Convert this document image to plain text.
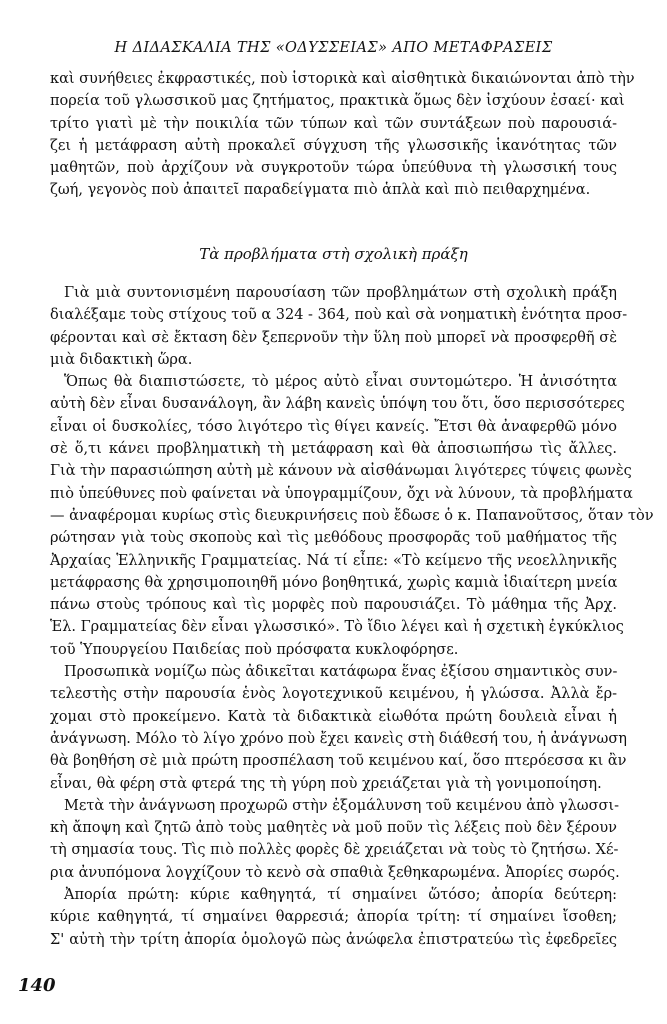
Η ΔΙΔΑΣΚΑΛΙΑ ΤΗΣ «ΟΔΥΣΣΕΙΑΣ» ΑΠΟ ΜΕΤΑΦΡΑΣΕΙΣ
καὶ συνήθειες ἐκφραστικές, ποὺ ἱστορικὰ καὶ αἰσθητικὰ δικαιώνονται ἀπὸ τὴν
πορεία τοῦ γλωσσικοῦ μας ζητήματος, πρακτικὰ ὅμως δὲν ἰσχύουν ἐσαεί· καὶ
τρίτο γιατὶ μὲ τὴν ποικιλία τῶν τύπων καὶ τῶν συντάξεων ποὺ παρουσιά-
ζει ἡ μετάφραση αὐτὴ προκαλεῖ σύγχυση τῆς γλωσσικῆς ἱκανότητας τῶν
μαθητῶν, ποὺ ἀρχίζουν νὰ συγκροτοῦν τώρα ὑπεύθυνα τὴ γλωσσική τους
ζωή, γεγονὸς ποὺ ἀπαιτεῖ παραδείγματα πιὸ ἁπλὰ καὶ πιὸ πειθαρχημένα.
Τὰ προβλήματα στὴ σχολικὴ πράξη
Γιὰ μιὰ συντονισμένη παρουσίαση τῶν προβλημάτων στὴ σχολικὴ πράξη
διαλέξαμε τοὺς στίχους τοῦ α 324 - 364, ποὺ καὶ σὰ νοηματικὴ ἑνότητα προσ-
φέρονται καὶ σὲ ἔκταση δὲν ξεπερνοῦν τὴν ὕλη ποὺ μπορεῖ νὰ προσφερθῆ σὲ
μιὰ διδακτικὴ ὥρα.
Ὅπως θὰ διαπιστώσετε, τὸ μέρος αὐτὸ εἶναι συντομώτερο. Ἡ ἀνισότητα
αὐτὴ δὲν εἶναι δυσανάλογη, ἂν λάβη κανεὶς ὑπόψη του ὅτι, ὅσο περισσότερες
εἶναι οἱ δυσκολίες, τόσο λιγότερο τὶς θίγει κανείς. Ἔτσι θὰ ἀναφερθῶ μόνο
σὲ ὅ,τι κάνει προβληματικὴ τὴ μετάφραση καὶ θὰ ἀποσιωπήσω τὶς ἄλλες.
Γιὰ τὴν παρασιώπηση αὐτὴ μὲ κάνουν νὰ αἰσθάνωμαι λιγότερες τύψεις φωνὲς
πιὸ ὑπεύθυνες ποὺ φαίνεται νὰ ὑπογραμμίζουν, ὄχι νὰ λύνουν, τὰ προβλήματα
— ἀναφέρομαι κυρίως στὶς διευκρινήσεις ποὺ ἔδωσε ὁ κ. Παπανοῦτσος, ὅταν τὸν
ρώτησαν γιὰ τοὺς σκοποὺς καὶ τὶς μεθόδους προσφορᾶς τοῦ μαθήματος τῆς
Ἀρχαίας Ἑλληνικῆς Γραμματείας. Νά τί εἶπε: «Τὸ κείμενο τῆς νεοελληνικῆς
μετάφρασης θὰ χρησιμοποιηθῆ μόνο βοηθητικά, χωρὶς καμιὰ ἰδιαίτερη μνεία
πάνω στοὺς τρόπους καὶ τὶς μορφὲς ποὺ παρουσιάζει. Τὸ μάθημα τῆς Ἀρχ.
Ἑλ. Γραμματείας δὲν εἶναι γλωσσικό». Τὸ ἴδιο λέγει καὶ ἡ σχετικὴ ἐγκύκλιος
τοῦ Ὑπουργείου Παιδείας ποὺ πρόσφατα κυκλοφόρησε.
Προσωπικὰ νομίζω πὼς ἀδικεῖται κατάφωρα ἕνας ἐξίσου σημαντικὸς συν-
τελεστὴς στὴν παρουσία ἑνὸς λογοτεχνικοῦ κειμένου, ἡ γλώσσα. Ἀλλὰ ἔρ-
χομαι στὸ προκείμενο. Κατὰ τὰ διδακτικὰ εἰωθότα πρώτη δουλειὰ εἶναι ἡ
ἀνάγνωση. Μόλο τὸ λίγο χρόνο ποὺ ἔχει κανεὶς στὴ διάθεσή του, ἡ ἀνάγνωση
θὰ βοηθήση σὲ μιὰ πρώτη προσπέλαση τοῦ κειμένου καί, ὅσο πτερόεσσα κι ἂν
εἶναι, θὰ φέρη στὰ φτερά της τὴ γύρη ποὺ χρειάζεται γιὰ τὴ γονιμοποίηση.
Μετὰ τὴν ἀνάγνωση προχωρῶ στὴν ἐξομάλυνση τοῦ κειμένου ἀπὸ γλωσσι-
κὴ ἄποψη καὶ ζητῶ ἀπὸ τοὺς μαθητὲς νὰ μοῦ ποῦν τὶς λέξεις ποὺ δὲν ξέρουν
τὴ σημασία τους. Τὶς πιὸ πολλὲς φορὲς δὲ χρειάζεται νὰ τοὺς τὸ ζητήσω. Χέ-
ρια ἀνυπόμονα λογχίζουν τὸ κενὸ σὰ σπαθιὰ ξεθηκαρωμένα. Ἀπορίες σωρός.
Ἀπορία πρώτη: κύριε καθηγητά, τί σημαίνει ὥτόσο; ἀπορία δεύτερη:
κύριε καθηγητά, τί σημαίνει θαρρεσιά; ἀπορία τρίτη: τί σημαίνει ἴσοθεη;
Σ' αὐτὴ τὴν τρίτη ἀπορία ὁμολογῶ πὼς ἀνώφελα ἐπιστρατεύω τὶς ἐφεδρεῖες
140
